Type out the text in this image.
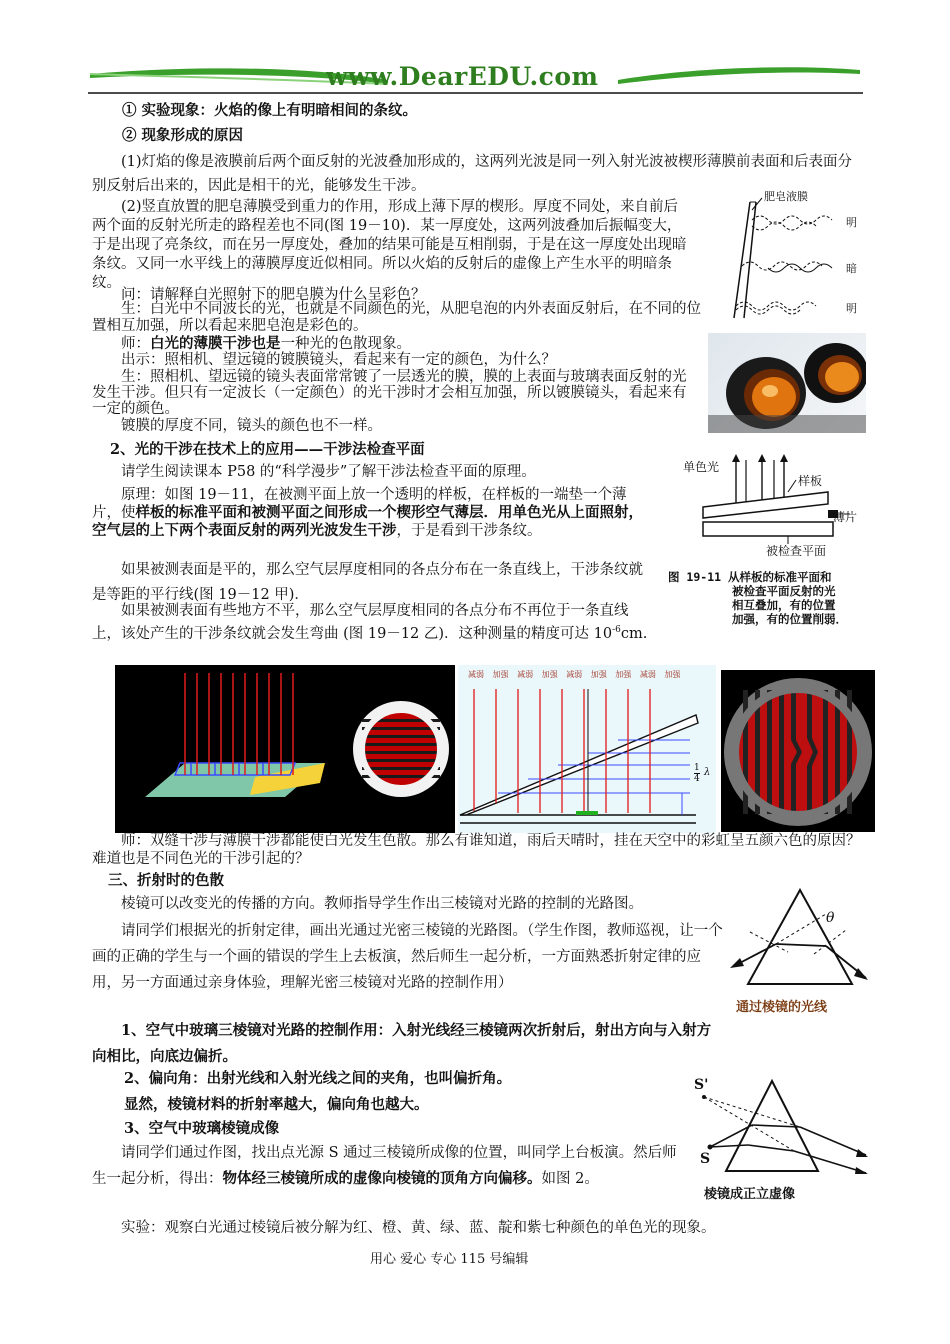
www.DearEDU.com
① 实验现象：火焰的像上有明暗相间的条纹。
② 现象形成的原因

(1)灯焰的像是液膜前后两个面反射的光波叠加形成的，这两列光波是同一列入射光波被楔形薄膜前表面和后表面分别反射后出来的，因此是相干的光，能够发生干涉。

(2)竖直放置的肥皂薄膜受到重力的作用，形成上薄下厚的楔形。厚度不同处，来自前后两个面的反射光所走的路程差也不同(图 19－10)．某一厚度处，这两列波叠加后振幅变大，于是出现了亮条纹，而在另一厚度处，叠加的结果可能是互相削弱，于是在这一厚度处出现暗条纹。又同一水平线上的薄膜厚度近似相同。所以火焰的反射后的虚像上产生水平的明暗条纹。

问：请解释白光照射下的肥皂膜为什么呈彩色？

生：白光中不同波长的光，也就是不同颜色的光，从肥皂泡的内外表面反射后，在不同的位置相互加强，所以看起来肥皂泡是彩色的。

师：白光的薄膜干涉也是一种光的色散现象。

出示：照相机、望远镜的镀膜镜头，看起来有一定的颜色，为什么？

生：照相机、望远镜的镜头表面常常镀了一层透光的膜，膜的上表面与玻璃表面反射的光发生干涉。但只有一定波长（一定颜色）的光干涉时才会相互加强，所以镀膜镜头，看起来有一定的颜色。

镀膜的厚度不同，镜头的颜色也不一样。

肥皂液膜
明
暗
明
2、光的干涉在技术上的应用——干涉法检查平面

请学生阅读课本 P58 的“科学漫步”了解干涉法检查平面的原理。

原理：如图 19－11，在被测平面上放一个透明的样板，在样板的一端垫一个薄片，使样板的标准平面和被测平面之间形成一个楔形空气薄层．用单色光从上面照射，空气层的上下两个表面反射的两列光波发生干涉，于是看到干涉条纹。

如果被测表面是平的，那么空气层厚度相同的各点分布在一条直线上，干涉条纹就是等距的平行线(图 19－12 甲)．

如果被测表面有些地方不平，那么空气层厚度相同的各点分布不再位于一条直线上，该处产生的干涉条纹就会发生弯曲 (图 19－12 乙)．这种测量的精度可达 $10^{-6}cm$.

单色光
样板
薄片
被检查平面
图 19-11 从样板的标准平面和
被检查平面反射的光
相互叠加，有的位置
加强，有的位置削弱．
减弱 加强 减弱 加强 减弱 加强 加强 减弱 加强
$\frac{1}{4}$ λ

师：双缝干涉与薄膜干涉都能使白光发生色散。那么有谁知道，雨后天晴时，挂在天空中的彩虹呈五颜六色的原因？难道也是不同色光的干涉引起的？

三、折射时的色散

棱镜可以改变光的传播的方向。教师指导学生作出三棱镜对光路的控制的光路图。

请同学们根据光的折射定律，画出光通过光密三棱镜的光路图。（学生作图，教师巡视，让一个画的正确的学生与一个画的错误的学生上去板演，然后师生一起分析，一方面熟悉折射定律的应用，另一方面通过亲身体验，理解光密三棱镜对光路的控制作用）

1、空气中玻璃三棱镜对光路的控制作用：入射光线经三棱镜两次折射后，射出方向与入射方向相比，向底边偏折。
2、偏向角：出射光线和入射光线之间的夹角，也叫偏折角。
显然，棱镜材料的折射率越大，偏向角也越大。
3、空气中玻璃棱镜成像

请同学们通过作图，找出点光源 S 通过三棱镜所成像的位置，叫同学上台板演。然后师生一起分析，得出：物体经三棱镜所成的虚像向棱镜的顶角方向偏移。如图 2。

实验：观察白光通过棱镜后被分解为红、橙、黄、绿、蓝、靛和紫七种颜色的单色光的现象。

θ
通过棱镜的光线
S'
S
棱镜成正立虚像
用心 爱心 专心 115 号编辑
